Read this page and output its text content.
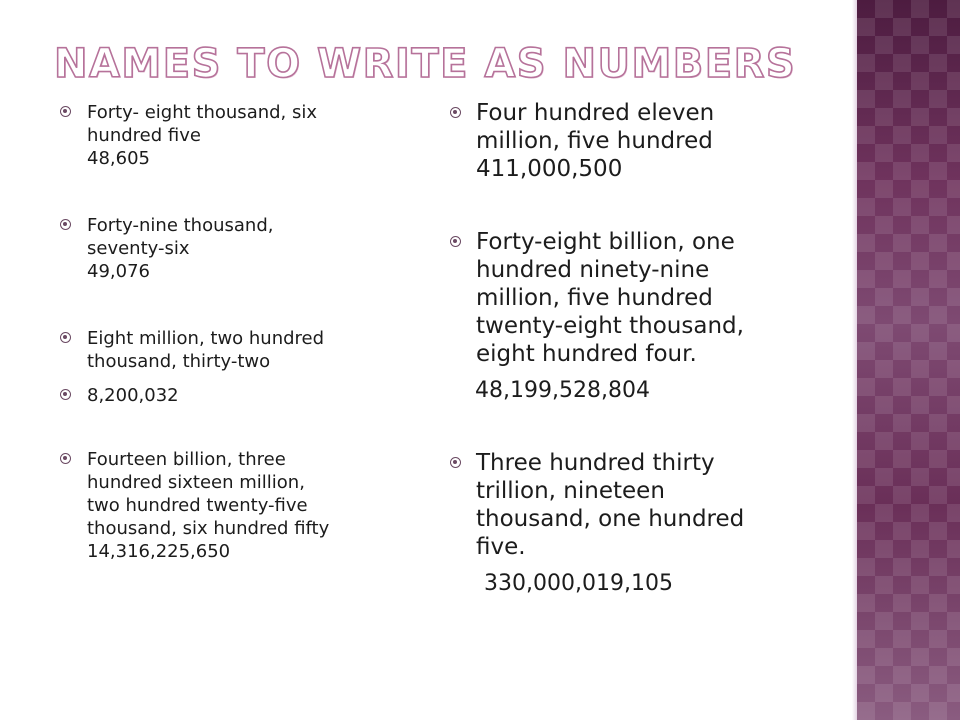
NAMES TO WRITE AS NUMBERS
Forty- eight thousand, six
hundred five
48,605
Forty-nine thousand,
seventy-six
49,076
Eight million, two hundred
thousand, thirty-two
8,200,032
Fourteen billion, three
hundred sixteen million,
two hundred twenty-five
thousand, six hundred fifty
14,316,225,650
Four hundred eleven
million, five hundred
411,000,500
Forty-eight billion, one
hundred ninety-nine
million, five hundred
twenty-eight thousand,
eight hundred four.
48,199,528,804
Three hundred thirty
trillion, nineteen
thousand, one hundred
five.
330,000,019,105
